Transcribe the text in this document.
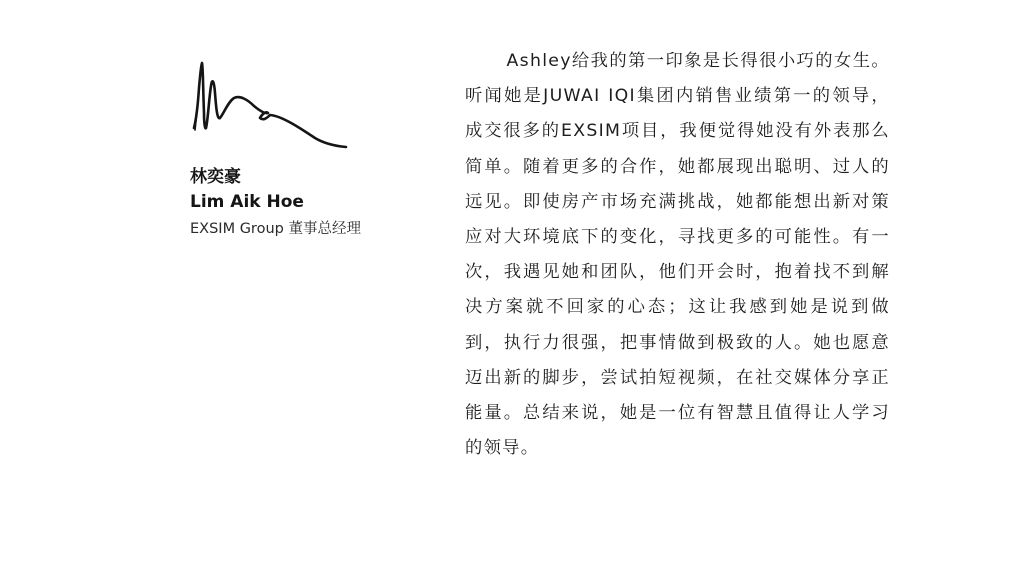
林奕豪
Lim Aik Hoe
EXSIM Group 董事总经理

Ashley给我的第一印象是长得很小巧的女生。听闻她是JUWAI IQI集团内销售业绩第一的领导，成交很多的EXSIM项目，我便觉得她没有外表那么简单。随着更多的合作，她都展现出聪明、过人的远见。即使房产市场充满挑战，她都能想出新对策应对大环境底下的变化，寻找更多的可能性。有一次，我遇见她和团队，他们开会时，抱着找不到解决方案就不回家的心态；这让我感到她是说到做到，执行力很强，把事情做到极致的人。她也愿意迈出新的脚步，尝试拍短视频，在社交媒体分享正能量。总结来说，她是一位有智慧且值得让人学习的领导。
